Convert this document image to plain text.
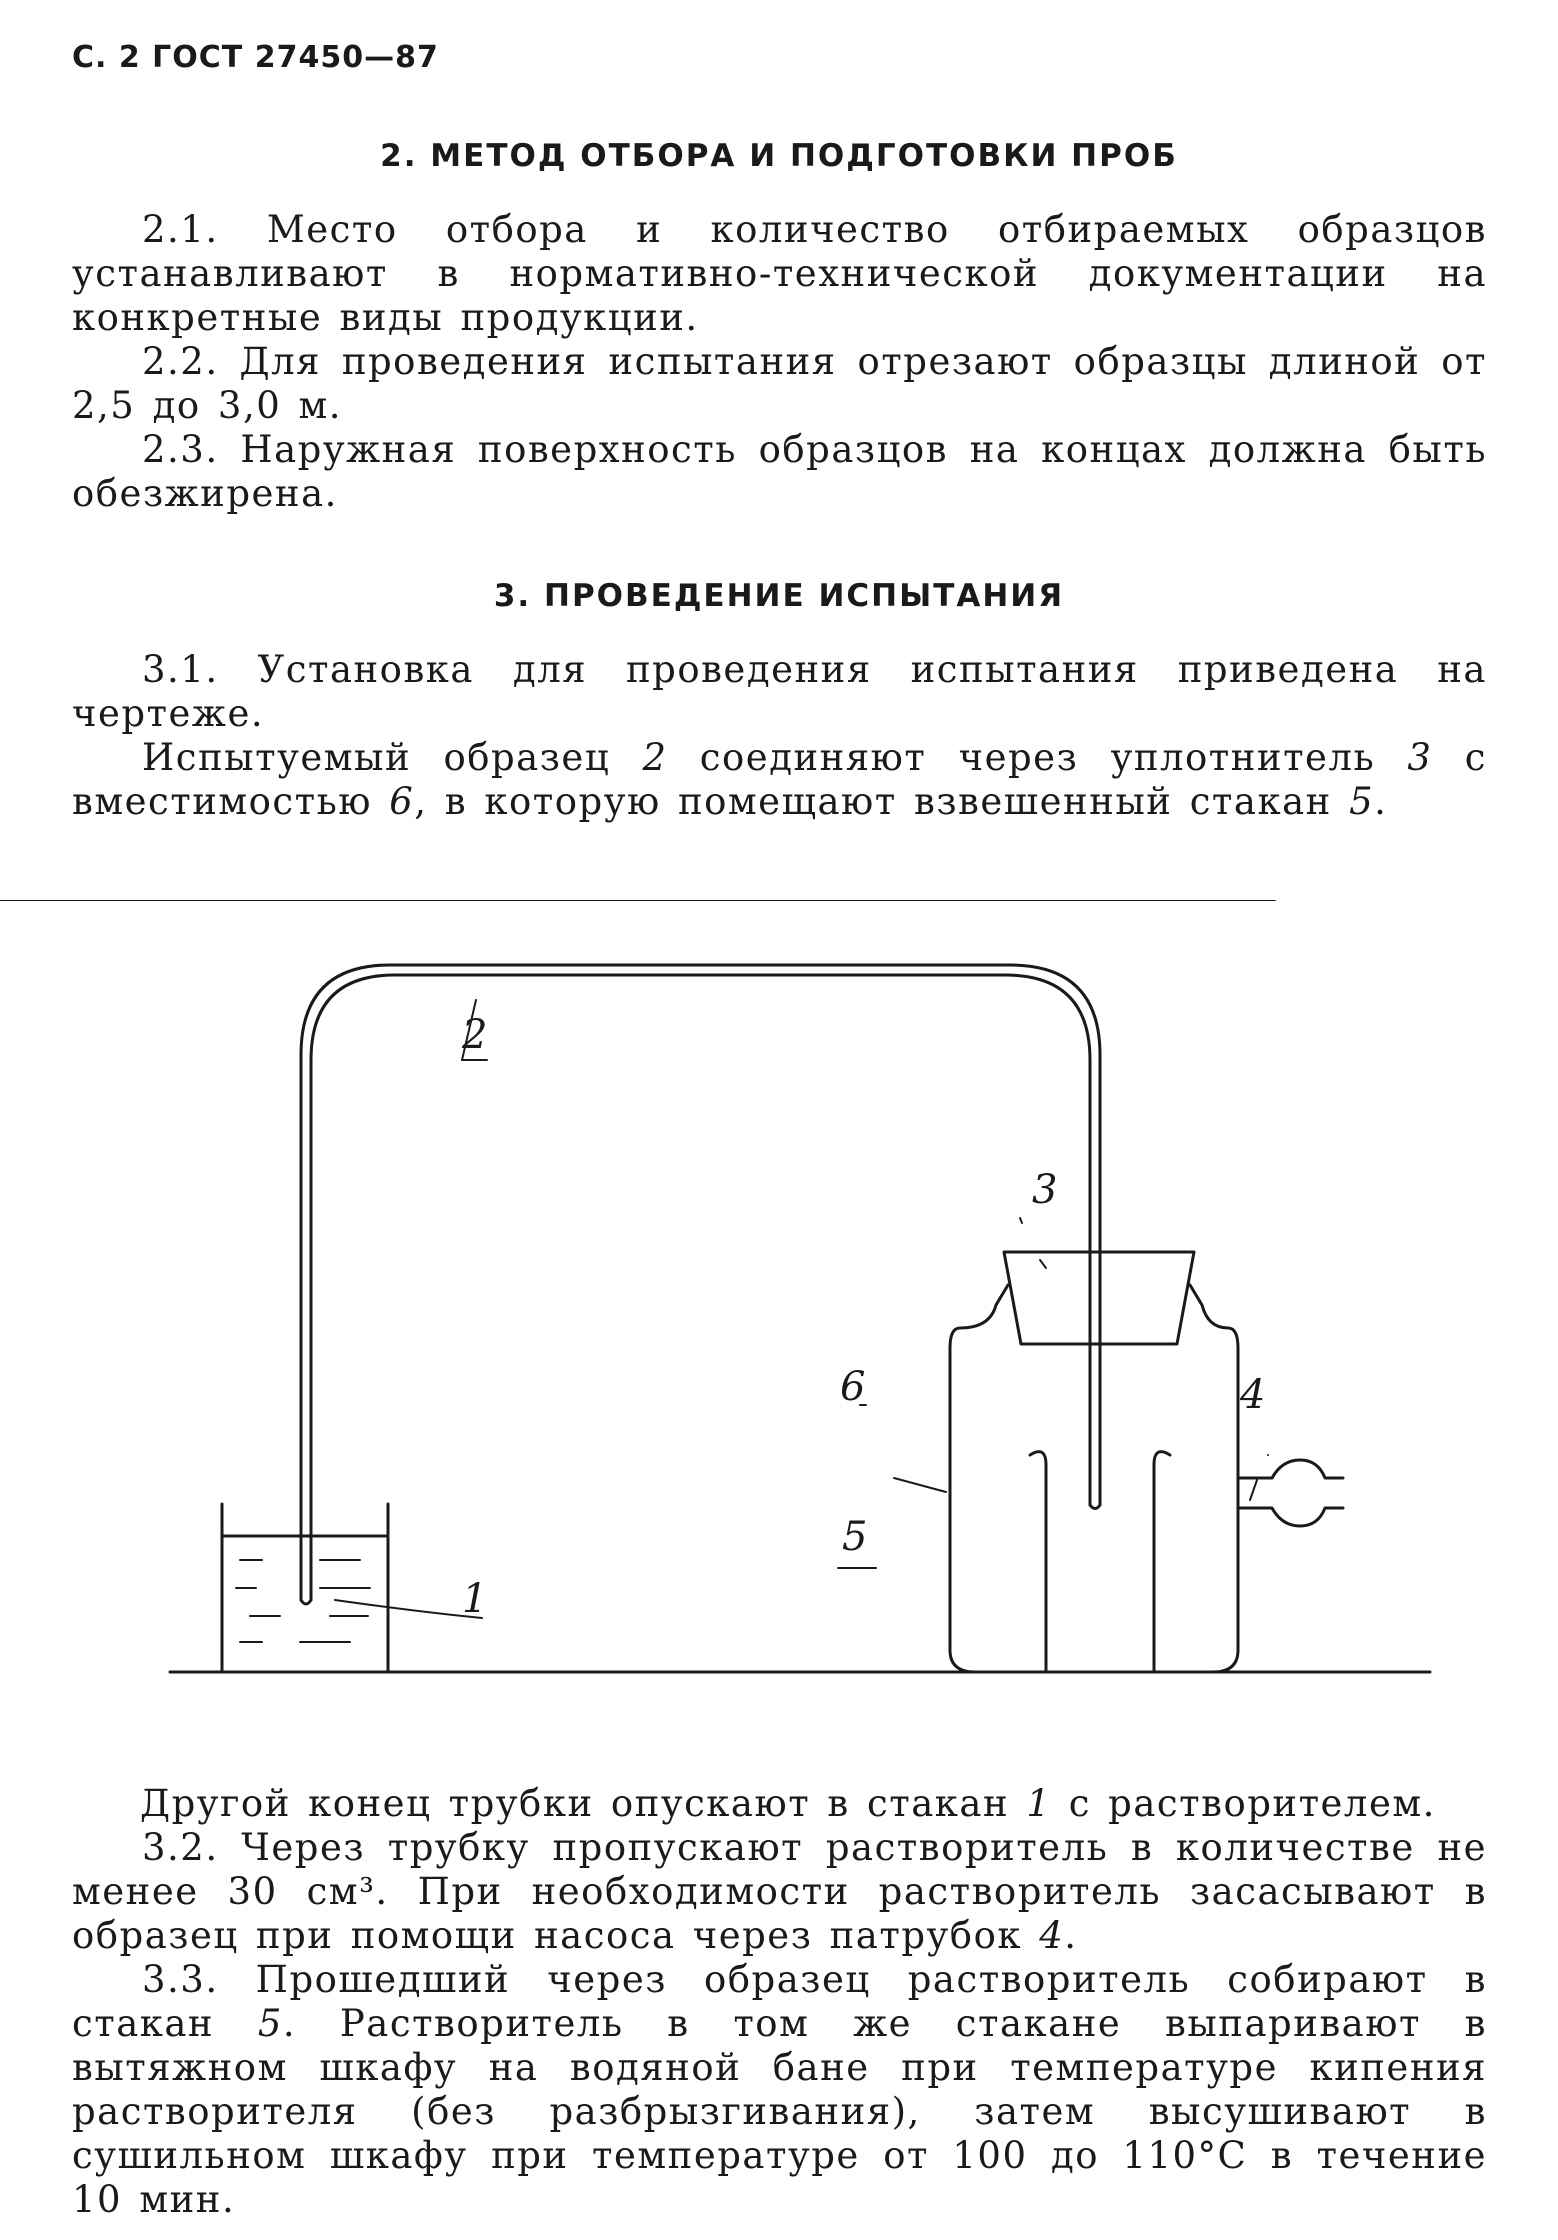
С. 2 ГОСТ 27450—87
2. МЕТОД ОТБОРА И ПОДГОТОВКИ ПРОБ

2.1. Место отбора и количество отбираемых образцов устанавливают в нормативно-технической документации на конкретные виды продукции.

2.2. Для проведения испытания отрезают образцы длиной от 2,5 до 3,0 м.

2.3. Наружная поверхность образцов на концах должна быть обезжирена.

3. ПРОВЕДЕНИЕ ИСПЫТАНИЯ

3.1. Установка для проведения испытания приведена на чертеже.

Испытуемый образец 2 соединяют через уплотнитель 3 с вместимостью 6, в которую помещают взвешенный стакан 5.

2
3
4
6
5
1

Другой конец трубки опускают в стакан 1 с растворителем.

3.2. Через трубку пропускают растворитель в количестве не менее 30 см³. При необходимости растворитель засасывают в образец при помощи насоса через патрубок 4.

3.3. Прошедший через образец растворитель собирают в стакан 5. Растворитель в том же стакане выпаривают в вытяжном шкафу на водяной бане при температуре кипения растворителя (без разбрызгивания), затем высушивают в сушильном шкафу при температуре от 100 до 110°С в течение 10 мин.
